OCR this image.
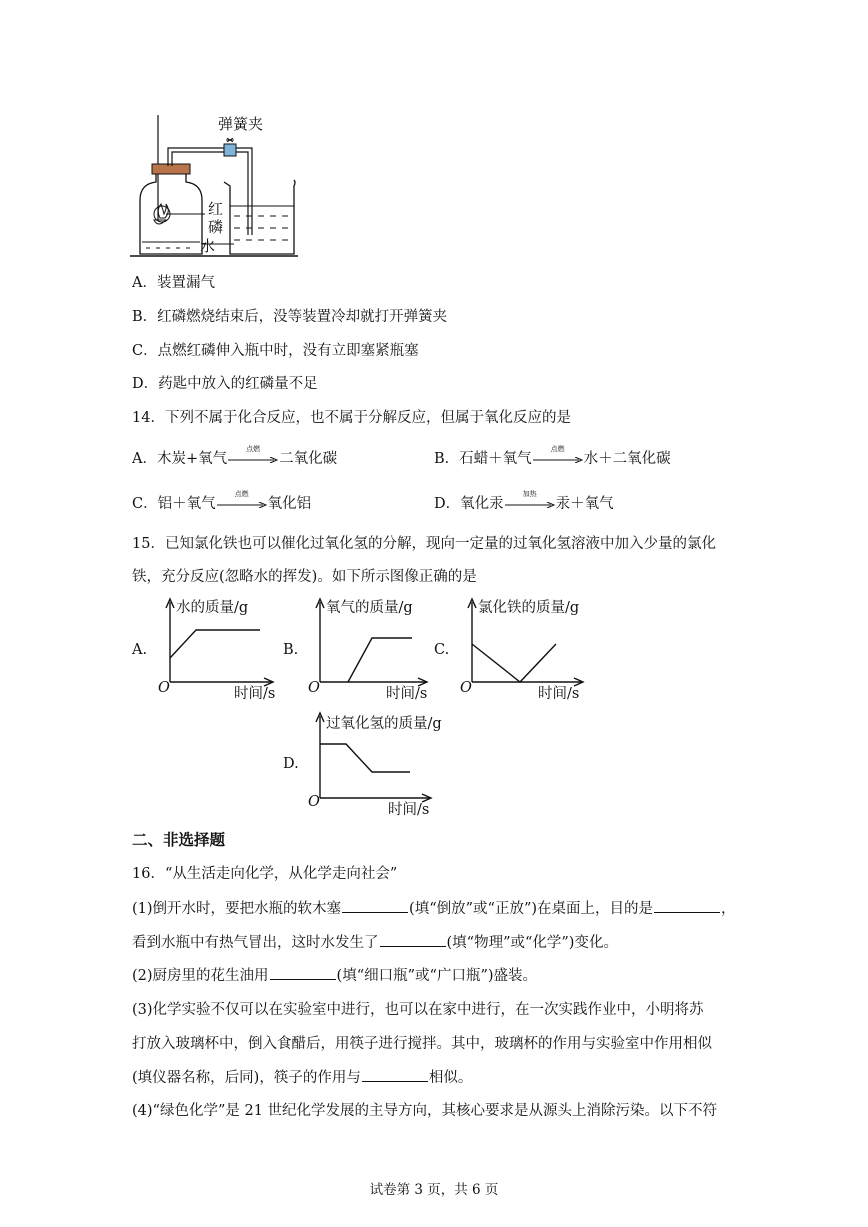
弹簧夹
红
磷
水
A．装置漏气
B．红磷燃烧结束后，没等装置冷却就打开弹簧夹
C．点燃红磷伸入瓶中时，没有立即塞紧瓶塞
D．药匙中放入的红磷量不足
14．下列不属于化合反应，也不属于分解反应，但属于氧化反应的是
A．木炭+氧气
点燃
二氧化碳	B．石蜡＋氧气
点燃
水＋二氧化碳
C．铝＋氧气
点燃
氧化铝	D．氧化汞
加热
汞＋氧气
15．已知氯化铁也可以催化过氧化氢的分解，现向一定量的过氧化氢溶液中加入少量的氯化
铁，充分反应(忽略水的挥发)。如下所示图像正确的是
A.
水的质量/g
O	时间/s
B.
氧气的质量/g
O	时间/s
C.
氯化铁的质量/g
O	时间/s
D.
过氧化氢的质量/g
O	时间/s
二、非选择题
16．“从生活走向化学，从化学走向社会”
(1)倒开水时，要把水瓶的软木塞	(填“倒放”或“正放”)在桌面上，目的是	，
看到水瓶中有热气冒出，这时水发生了	(填“物理”或“化学”)变化。
(2)厨房里的花生油用	(填“细口瓶”或“广口瓶”)盛装。
(3)化学实验不仅可以在实验室中进行，也可以在家中进行，在一次实践作业中，小明将苏
打放入玻璃杯中，倒入食醋后，用筷子进行搅拌。其中，玻璃杯的作用与实验室中作用相似
(填仪器名称，后同)，筷子的作用与	相似。
(4)“绿色化学”是 21 世纪化学发展的主导方向，其核心要求是从源头上消除污染。以下不符
试卷第 3 页，共 6 页
